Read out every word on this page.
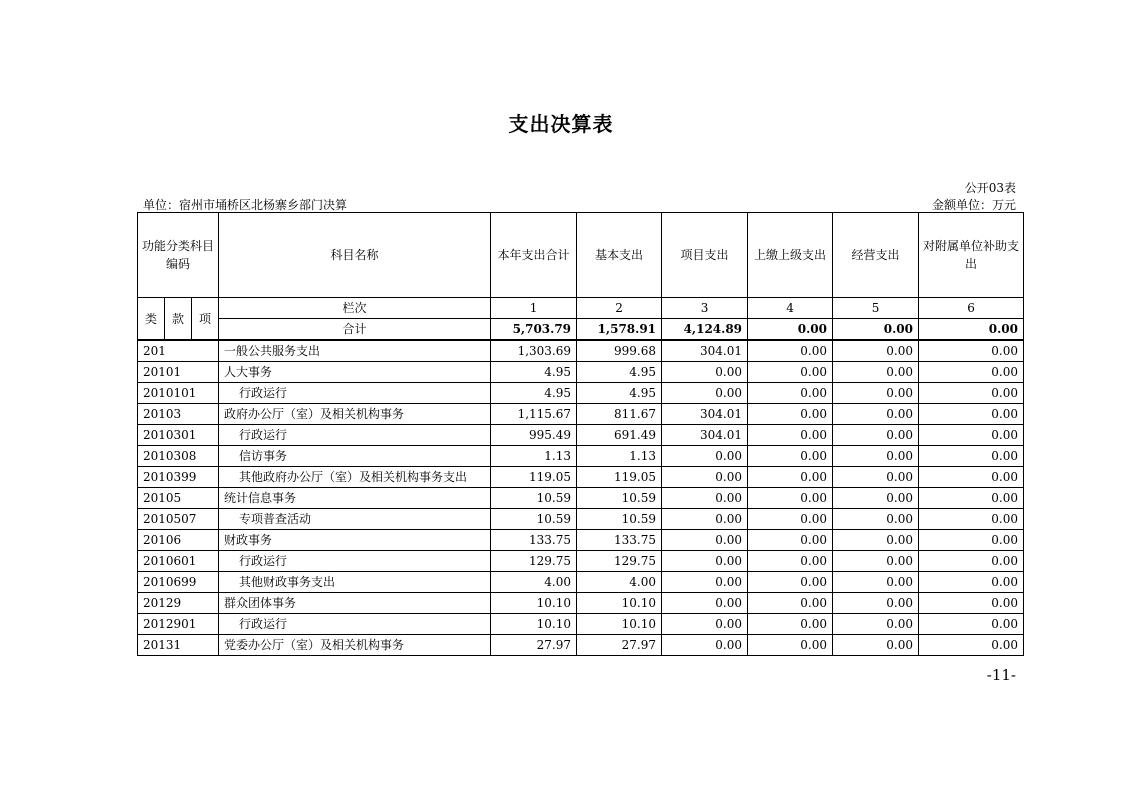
支出决算表
公开03表
单位：宿州市埇桥区北杨寨乡部门决算	金额单位：万元
功能分类科目编码			科目名称	本年支出合计	基本支出	项目支出	上缴上级支出	经营支出	对附属单位补助支出
类	款	项	栏次	1	2	3	4	5	6
			合计	5,703.79	1,578.91	4,124.89	0.00	0.00	0.00
201			一般公共服务支出	1,303.69	999.68	304.01	0.00	0.00	0.00
20101			人大事务	4.95	4.95	0.00	0.00	0.00	0.00
2010101			行政运行	4.95	4.95	0.00	0.00	0.00	0.00
20103			政府办公厅（室）及相关机构事务	1,115.67	811.67	304.01	0.00	0.00	0.00
2010301			行政运行	995.49	691.49	304.01	0.00	0.00	0.00
2010308			信访事务	1.13	1.13	0.00	0.00	0.00	0.00
2010399			其他政府办公厅（室）及相关机构事务支出	119.05	119.05	0.00	0.00	0.00	0.00
20105			统计信息事务	10.59	10.59	0.00	0.00	0.00	0.00
2010507			专项普查活动	10.59	10.59	0.00	0.00	0.00	0.00
20106			财政事务	133.75	133.75	0.00	0.00	0.00	0.00
2010601			行政运行	129.75	129.75	0.00	0.00	0.00	0.00
2010699			其他财政事务支出	4.00	4.00	0.00	0.00	0.00	0.00
20129			群众团体事务	10.10	10.10	0.00	0.00	0.00	0.00
2012901			行政运行	10.10	10.10	0.00	0.00	0.00	0.00
20131			党委办公厅（室）及相关机构事务	27.97	27.97	0.00	0.00	0.00	0.00
-11-
